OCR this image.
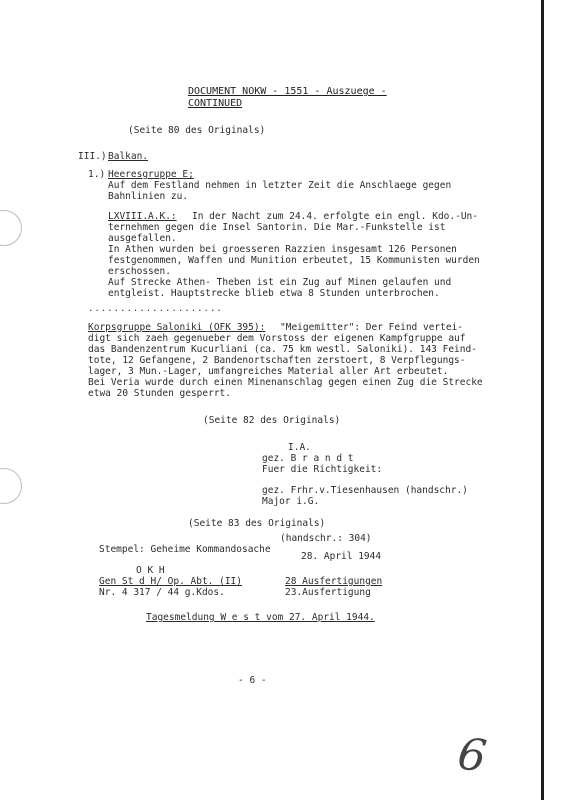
DOCUMENT NOKW - 1551 - Auszuege -
CONTINUED
(Seite 80 des Originals)
III.) Balkan.
1.) Heeresgruppe E;
Auf dem Festland nehmen in letzter Zeit die Anschlaege gegen
Bahnlinien zu.
LXVIII.A.K.: In der Nacht zum 24.4. erfolgte ein engl. Kdo.-Un-
ternehmen gegen die Insel Santorin. Die Mar.-Funkstelle ist
ausgefallen.
In Athen wurden bei groesseren Razzien insgesamt 126 Personen
festgenommen, Waffen und Munition erbeutet, 15 Kommunisten wurden
erschossen.
Auf Strecke Athen- Theben ist ein Zug auf Minen gelaufen und
entgleist. Hauptstrecke blieb etwa 8 Stunden unterbrochen.
.....................
Korpsgruppe Saloniki (OFK 395): "Meigemitter": Der Feind vertei-
digt sich zaeh gegenueber dem Vorstoss der eigenen Kampfgruppe auf
das Bandenzentrum Kucurliani (ca. 75 km westl. Saloniki). 143 Feind-
tote, 12 Gefangene, 2 Bandenortschaften zerstoert, 8 Verpflegungs-
lager, 3 Mun.-Lager, umfangreiches Material aller Art erbeutet.
Bei Veria wurde durch einen Minenanschlag gegen einen Zug die Strecke
etwa 20 Stunden gesperrt.
(Seite 82 des Originals)
I.A.
gez. B r a n d t
Fuer die Richtigkeit:
gez. Frhr.v.Tiesenhausen (handschr.)
Major i.G.
(Seite 83 des Originals)
Stempel: Geheime Kommandosache
(handschr.: 304)
28. April 1944
O K H
Gen St d H/ Op. Abt. (II)
Nr. 4 317 / 44 g.Kdos.
28 Ausfertigungen
23.Ausfertigung
Tagesmeldung W e s t vom 27. April 1944.
- 6 -
6
